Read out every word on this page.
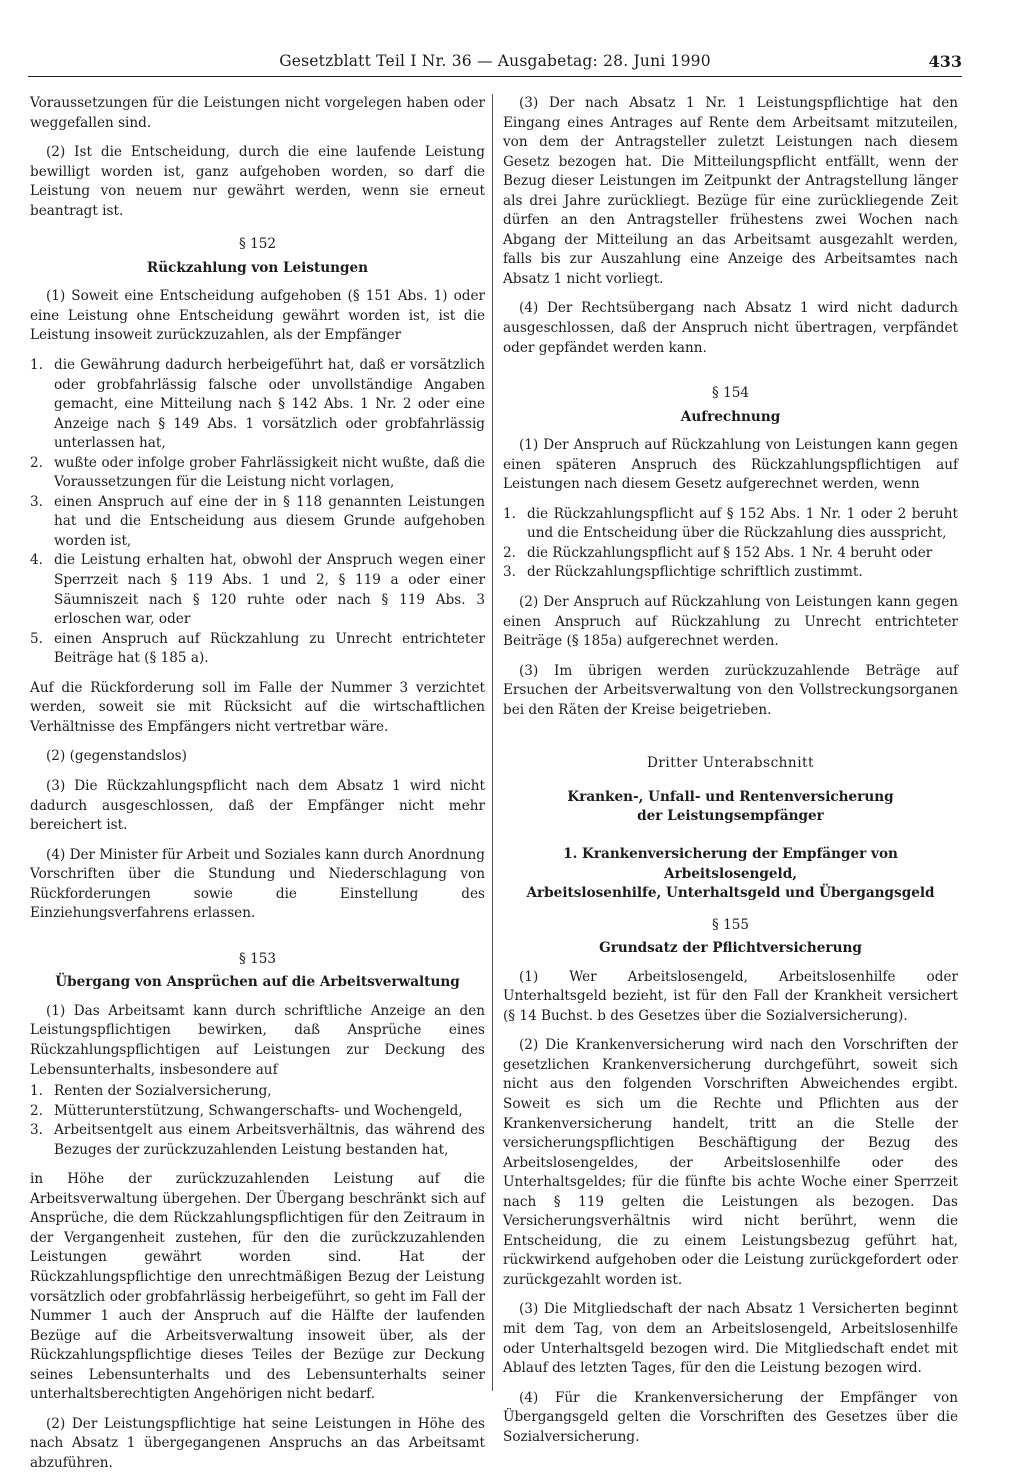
Gesetzblatt Teil I Nr. 36 — Ausgabetag: 28. Juni 1990	433

Voraussetzungen für die Leistungen nicht vorgelegen haben oder weggefallen sind.

(2) Ist die Entscheidung, durch die eine laufende Leistung bewilligt worden ist, ganz aufgehoben worden, so darf die Leistung von neuem nur gewährt werden, wenn sie erneut beantragt ist.

§ 152
Rückzahlung von Leistungen

(1) Soweit eine Entscheidung aufgehoben (§ 151 Abs. 1) oder eine Leistung ohne Entscheidung gewährt worden ist, ist die Leistung insoweit zurückzuzahlen, als der Empfänger

1. die Gewährung dadurch herbeigeführt hat, daß er vorsätzlich oder grobfahrlässig falsche oder unvollständige Angaben gemacht, eine Mitteilung nach § 142 Abs. 1 Nr. 2 oder eine Anzeige nach § 149 Abs. 1 vorsätzlich oder grobfahrlässig unterlassen hat,
2. wußte oder infolge grober Fahrlässigkeit nicht wußte, daß die Voraussetzungen für die Leistung nicht vorlagen,
3. einen Anspruch auf eine der in § 118 genannten Leistungen hat und die Entscheidung aus diesem Grunde aufgehoben worden ist,
4. die Leistung erhalten hat, obwohl der Anspruch wegen einer Sperrzeit nach § 119 Abs. 1 und 2, § 119 a oder einer Säumniszeit nach § 120 ruhte oder nach § 119 Abs. 3 erloschen war, oder
5. einen Anspruch auf Rückzahlung zu Unrecht entrichteter Beiträge hat (§ 185 a).

Auf die Rückforderung soll im Falle der Nummer 3 verzichtet werden, soweit sie mit Rücksicht auf die wirtschaftlichen Verhältnisse des Empfängers nicht vertretbar wäre.

(2) (gegenstandslos)

(3) Die Rückzahlungspflicht nach dem Absatz 1 wird nicht dadurch ausgeschlossen, daß der Empfänger nicht mehr bereichert ist.

(4) Der Minister für Arbeit und Soziales kann durch Anordnung Vorschriften über die Stundung und Niederschlagung von Rückforderungen sowie die Einstellung des Einziehungsverfahrens erlassen.

§ 153
Übergang von Ansprüchen auf die Arbeitsverwaltung

(1) Das Arbeitsamt kann durch schriftliche Anzeige an den Leistungspflichtigen bewirken, daß Ansprüche eines Rückzahlungspflichtigen auf Leistungen zur Deckung des Lebensunterhalts, insbesondere auf

1. Renten der Sozialversicherung,
2. Mütterunterstützung, Schwangerschafts- und Wochengeld,
3. Arbeitsentgelt aus einem Arbeitsverhältnis, das während des Bezuges der zurückzuzahlenden Leistung bestanden hat,

in Höhe der zurückzuzahlenden Leistung auf die Arbeitsverwaltung übergehen. Der Übergang beschränkt sich auf Ansprüche, die dem Rückzahlungspflichtigen für den Zeitraum in der Vergangenheit zustehen, für den die zurückzuzahlenden Leistungen gewährt worden sind. Hat der Rückzahlungspflichtige den unrechtmäßigen Bezug der Leistung vorsätzlich oder grobfahrlässig herbeigeführt, so geht im Fall der Nummer 1 auch der Anspruch auf die Hälfte der laufenden Bezüge auf die Arbeitsverwaltung insoweit über, als der Rückzahlungspflichtige dieses Teiles der Bezüge zur Deckung seines Lebensunterhalts und des Lebensunterhalts seiner unterhaltsberechtigten Angehörigen nicht bedarf.

(2) Der Leistungspflichtige hat seine Leistungen in Höhe des nach Absatz 1 übergegangenen Anspruchs an das Arbeitsamt abzuführen.

(3) Der nach Absatz 1 Nr. 1 Leistungspflichtige hat den Eingang eines Antrages auf Rente dem Arbeitsamt mitzuteilen, von dem der Antragsteller zuletzt Leistungen nach diesem Gesetz bezogen hat. Die Mitteilungspflicht entfällt, wenn der Bezug dieser Leistungen im Zeitpunkt der Antragstellung länger als drei Jahre zurückliegt. Bezüge für eine zurückliegende Zeit dürfen an den Antragsteller frühestens zwei Wochen nach Abgang der Mitteilung an das Arbeitsamt ausgezahlt werden, falls bis zur Auszahlung eine Anzeige des Arbeitsamtes nach Absatz 1 nicht vorliegt.

(4) Der Rechtsübergang nach Absatz 1 wird nicht dadurch ausgeschlossen, daß der Anspruch nicht übertragen, verpfändet oder gepfändet werden kann.

§ 154
Aufrechnung

(1) Der Anspruch auf Rückzahlung von Leistungen kann gegen einen späteren Anspruch des Rückzahlungspflichtigen auf Leistungen nach diesem Gesetz aufgerechnet werden, wenn

1. die Rückzahlungspflicht auf § 152 Abs. 1 Nr. 1 oder 2 beruht und die Entscheidung über die Rückzahlung dies ausspricht,
2. die Rückzahlungspflicht auf § 152 Abs. 1 Nr. 4 beruht oder
3. der Rückzahlungspflichtige schriftlich zustimmt.

(2) Der Anspruch auf Rückzahlung von Leistungen kann gegen einen Anspruch auf Rückzahlung zu Unrecht entrichteter Beiträge (§ 185a) aufgerechnet werden.

(3) Im übrigen werden zurückzuzahlende Beträge auf Ersuchen der Arbeitsverwaltung von den Vollstreckungsorganen bei den Räten der Kreise beigetrieben.

Dritter Unterabschnitt
Kranken-, Unfall- und Rentenversicherung
der Leistungsempfänger
1. Krankenversicherung der Empfänger von Arbeitslosengeld,
Arbeitslosenhilfe, Unterhaltsgeld und Übergangsgeld
§ 155
Grundsatz der Pflichtversicherung

(1) Wer Arbeitslosengeld, Arbeitslosenhilfe oder Unterhaltsgeld bezieht, ist für den Fall der Krankheit versichert (§ 14 Buchst. b des Gesetzes über die Sozialversicherung).

(2) Die Krankenversicherung wird nach den Vorschriften der gesetzlichen Krankenversicherung durchgeführt, soweit sich nicht aus den folgenden Vorschriften Abweichendes ergibt. Soweit es sich um die Rechte und Pflichten aus der Krankenversicherung handelt, tritt an die Stelle der versicherungspflichtigen Beschäftigung der Bezug des Arbeitslosengeldes, der Arbeitslosenhilfe oder des Unterhaltsgeldes; für die fünfte bis achte Woche einer Sperrzeit nach § 119 gelten die Leistungen als bezogen. Das Versicherungsverhältnis wird nicht berührt, wenn die Entscheidung, die zu einem Leistungsbezug geführt hat, rückwirkend aufgehoben oder die Leistung zurückgefordert oder zurückgezahlt worden ist.

(3) Die Mitgliedschaft der nach Absatz 1 Versicherten beginnt mit dem Tag, von dem an Arbeitslosengeld, Arbeitslosenhilfe oder Unterhaltsgeld bezogen wird. Die Mitgliedschaft endet mit Ablauf des letzten Tages, für den die Leistung bezogen wird.

(4) Für die Krankenversicherung der Empfänger von Übergangsgeld gelten die Vorschriften des Gesetzes über die Sozialversicherung.
